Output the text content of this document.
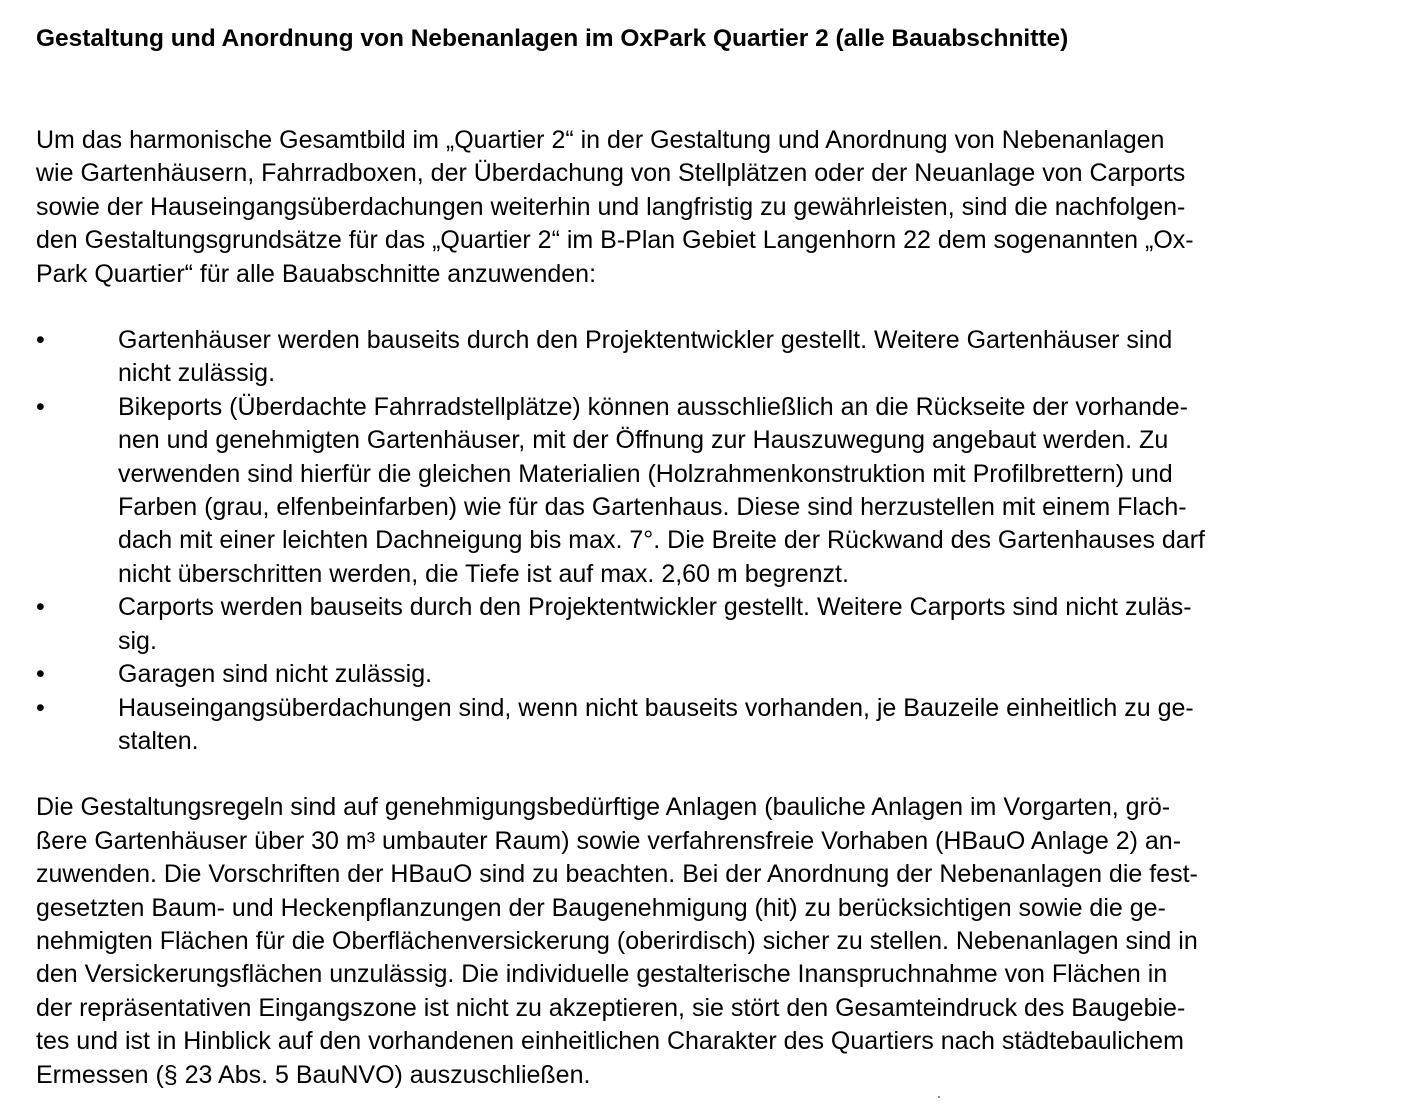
Gestaltung und Anordnung von Nebenanlagen im OxPark Quartier 2 (alle Bauabschnitte)

Um das harmonische Gesamtbild im „Quartier 2“ in der Gestaltung und Anordnung von Nebenanlagen
wie Gartenhäusern, Fahrradboxen, der Überdachung von Stellplätzen oder der Neuanlage von Carports
sowie der Hauseingangsüberdachungen weiterhin und langfristig zu gewährleisten, sind die nachfolgen-
den Gestaltungsgrundsätze für das „Quartier 2“ im B-Plan Gebiet Langenhorn 22 dem sogenannten „Ox-
Park Quartier“ für alle Bauabschnitte anzuwenden:

•	Gartenhäuser werden bauseits durch den Projektentwickler gestellt. Weitere Gartenhäuser sind
nicht zulässig.
•	Bikeports (Überdachte Fahrradstellplätze) können ausschließlich an die Rückseite der vorhande-
nen und genehmigten Gartenhäuser, mit der Öffnung zur Hauszuwegung angebaut werden. Zu
verwenden sind hierfür die gleichen Materialien (Holzrahmenkonstruktion mit Profilbrettern) und
Farben (grau, elfenbeinfarben) wie für das Gartenhaus. Diese sind herzustellen mit einem Flach-
dach mit einer leichten Dachneigung bis max. 7°. Die Breite der Rückwand des Gartenhauses darf
nicht überschritten werden, die Tiefe ist auf max. 2,60 m begrenzt.
•	Carports werden bauseits durch den Projektentwickler gestellt. Weitere Carports sind nicht zuläs-
sig.
•	Garagen sind nicht zulässig.
•	Hauseingangsüberdachungen sind, wenn nicht bauseits vorhanden, je Bauzeile einheitlich zu ge-
stalten.

Die Gestaltungsregeln sind auf genehmigungsbedürftige Anlagen (bauliche Anlagen im Vorgarten, grö-
ßere Gartenhäuser über 30 m³ umbauter Raum) sowie verfahrensfreie Vorhaben (HBauO Anlage 2) an-
zuwenden. Die Vorschriften der HBauO sind zu beachten. Bei der Anordnung der Nebenanlagen die fest-
gesetzten Baum- und Heckenpflanzungen der Baugenehmigung (hit) zu berücksichtigen sowie die ge-
nehmigten Flächen für die Oberflächenversickerung (oberirdisch) sicher zu stellen. Nebenanlagen sind in
den Versickerungsflächen unzulässig. Die individuelle gestalterische Inanspruchnahme von Flächen in
der repräsentativen Eingangszone ist nicht zu akzeptieren, sie stört den Gesamteindruck des Baugebie-
tes und ist in Hinblick auf den vorhandenen einheitlichen Charakter des Quartiers nach städtebaulichem
Ermessen (§ 23 Abs. 5 BauNVO) auszuschließen.
